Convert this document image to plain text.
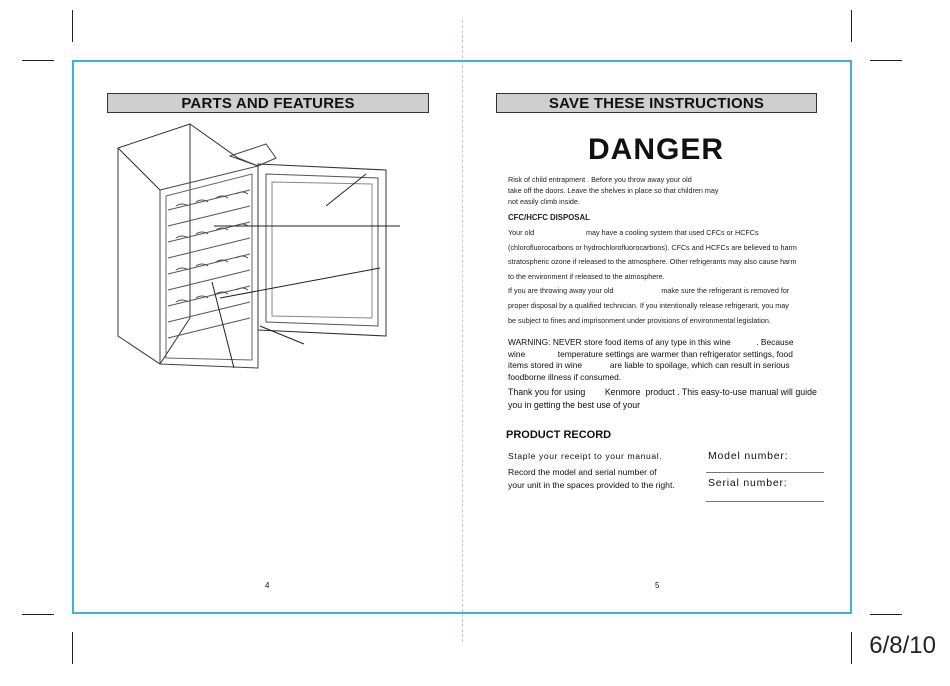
PARTS AND FEATURES
4
SAVE THESE INSTRUCTIONS
DANGER
Risk of child entrapment . Before you throw away your old
take off the doors. Leave the shelves in place so that children may
not easily climb inside.
CFC/HCFC DISPOSAL
Your old                          may have a cooling system that used CFCs or HCFCs
(chlorofluorocarbons or hydrochlorofluorocarbons). CFCs and HCFCs are believed to harm
stratospheric ozone if released to the atmosphere. Other refrigerants may also cause harm
to the environment if released to the atmosphere.
If you are throwing away your old                        make sure the refrigerant is removed for
proper disposal by a qualified technician. If you intentionally release refrigerant, you may
be subject to fines and imprisonment under provisions of environmental legislation.
WARNING: NEVER store food items of any type in this wine           . Because
wine              temperature settings are warmer than refrigerator settings, food
items stored in wine            are liable to spoilage, which can result in serious
foodborne illness if consumed.
Thank you for using        Kenmore  product . This easy-to-use manual will guide
you in getting the best use of your
PRODUCT RECORD
Staple your receipt to your manual.
Record the model and serial number of
your unit in the spaces provided to the right.
Model number:
Serial number:
5
6/8/10
